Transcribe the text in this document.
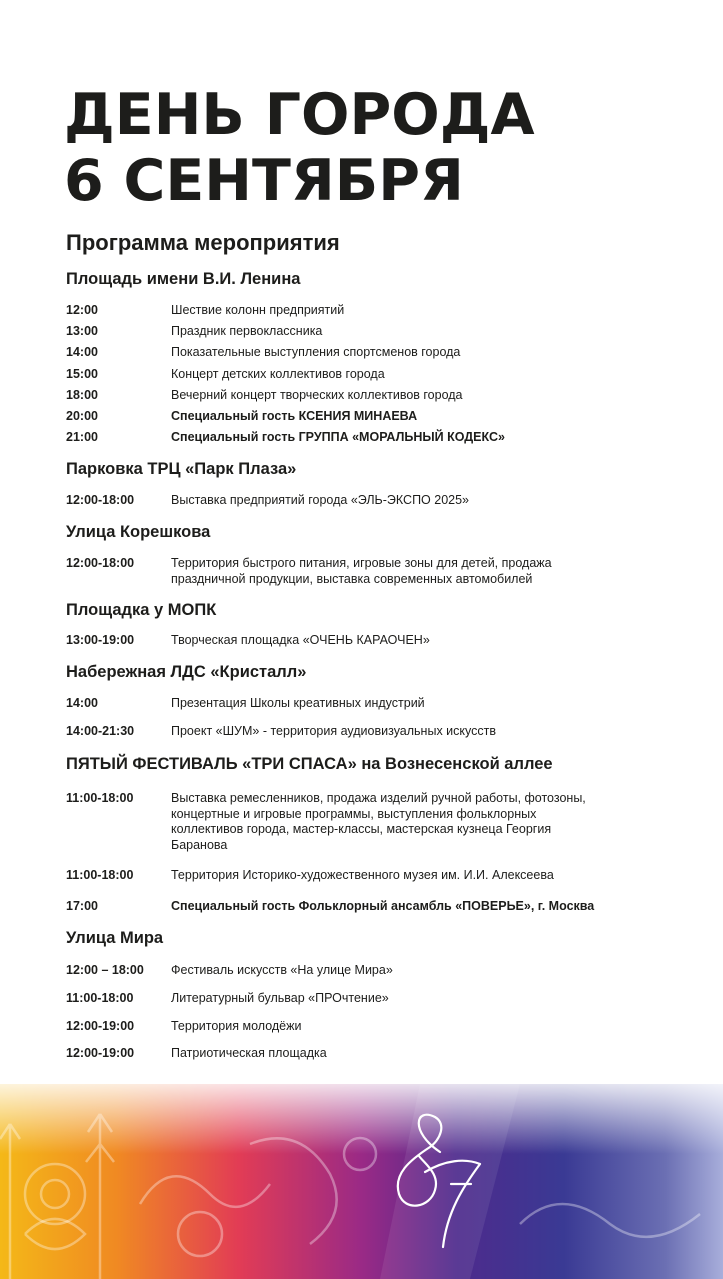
ДЕНЬ ГОРОДА
6 СЕНТЯБРЯ
Программа мероприятия
Площадь имени В.И. Ленина
12:00	Шествие колонн предприятий
13:00	Праздник первоклассника
14:00	Показательные выступления спортсменов города
15:00	Концерт детских коллективов города
18:00	Вечерний концерт творческих коллективов города
20:00	Специальный гость КСЕНИЯ МИНАЕВА
21:00	Специальный гость ГРУППА «МОРАЛЬНЫЙ КОДЕКС»
Парковка ТРЦ «Парк Плаза»
12:00-18:00	Выставка предприятий города «ЭЛЬ-ЭКСПО 2025»
Улица Корешкова
12:00-18:00	Территория быстрого питания, игровые зоны для детей, продажа праздничной продукции, выставка современных автомобилей
Площадка у МОПК
13:00-19:00	Творческая площадка «ОЧЕНЬ КАРАОЧЕН»
Набережная ЛДС «Кристалл»
14:00	Презентация Школы креативных индустрий
14:00-21:30	Проект «ШУМ» - территория аудиовизуальных искусств
ПЯТЫЙ ФЕСТИВАЛЬ «ТРИ СПАСА» на Вознесенской аллее
11:00-18:00	Выставка ремесленников, продажа изделий ручной работы, фотозоны, концертные и игровые программы, выступления фольклорных коллективов города, мастер-классы, мастерская кузнеца Георгия Баранова
11:00-18:00	Территория Историко-художественного музея им. И.И. Алексеева
17:00	Специальный гость Фольклорный ансамбль «ПОВЕРЬЕ», г. Москва
Улица Мира
12:00 – 18:00 Фестиваль искусств «На улице Мира»
11:00-18:00	Литературный бульвар «ПРОчтение»
12:00-19:00	Территория молодёжи
12:00-19:00	Патриотическая площадка
87
